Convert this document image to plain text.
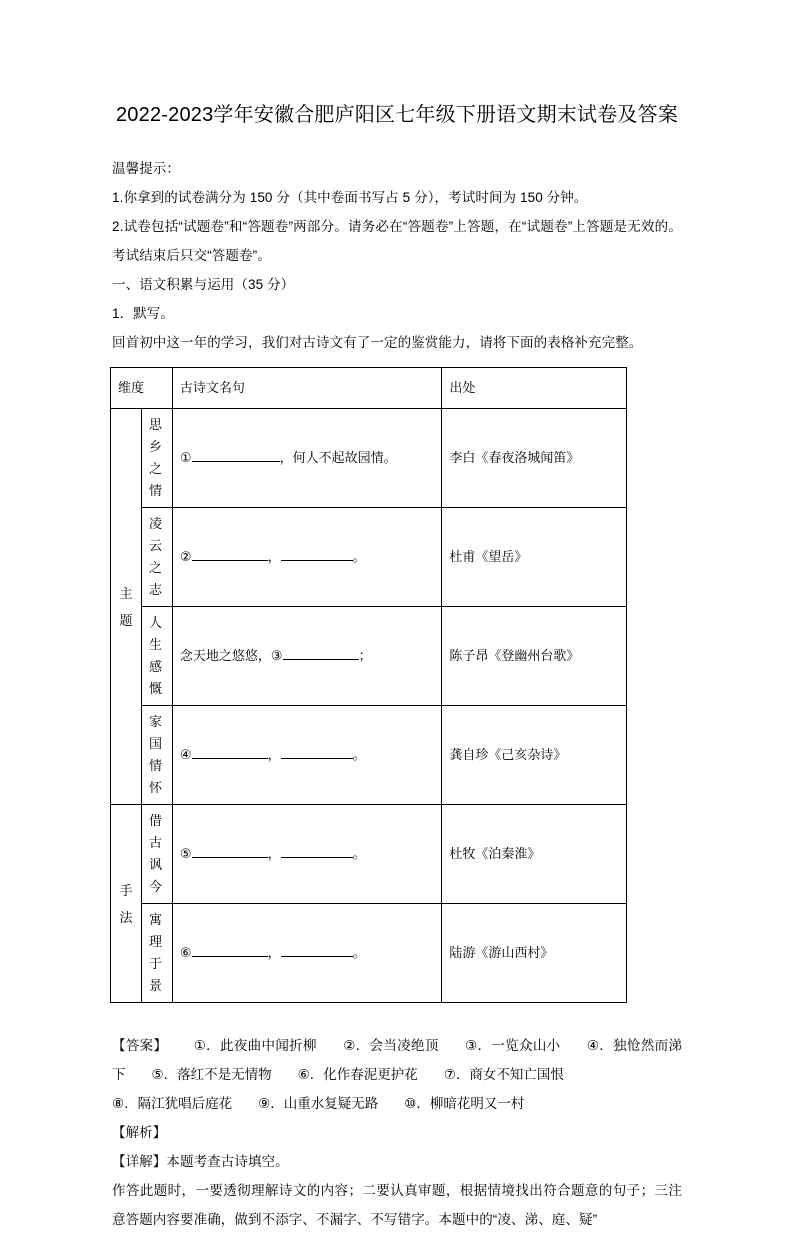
2022-2023学年安徽合肥庐阳区七年级下册语文期末试卷及答案

温馨提示：

1.你拿到的试卷满分为 150 分（其中卷面书写占 5 分），考试时间为 150 分钟。

2.试卷包括“试题卷”和“答题卷”两部分。请务必在“答题卷”上答题，在“试题卷”上答题是无效的。考试结束后只交“答题卷”。

一、语文积累与运用（35 分）

1．默写。

回首初中这一年的学习，我们对古诗文有了一定的鉴赏能力，请将下面的表格补充完整。

维度		古诗文名句	出处
主题	思乡之情	① ，何人不起故园情。	李白《春夜洛城闻笛》
	凌云之志	② ， 。	杜甫《望岳》
	人生感慨	念天地之悠悠，③ ；	陈子昂《登幽州台歌》
	家国情怀	④ ， 。	龚自珍《己亥杂诗》
手法	借古讽今	⑤ ， 。	杜牧《泊秦淮》
	寓理于景	⑥ ， 。	陆游《游山西村》

【答案】 ①．此夜曲中闻折柳 ②．会当凌绝顶 ③．一览众山小 ④．独怆然而涕下 ⑤．落红不是无情物 ⑥．化作春泥更护花 ⑦．商女不知亡国恨

⑧．隔江犹唱后庭花 ⑨．山重水复疑无路 ⑩．柳暗花明又一村

【解析】

【详解】本题考查古诗填空。

作答此题时，一要透彻理解诗文的内容；二要认真审题，根据情境找出符合题意的句子；三注意答题内容要准确，做到不添字、不漏字、不写错字。本题中的“凌、涕、庭、疑”
